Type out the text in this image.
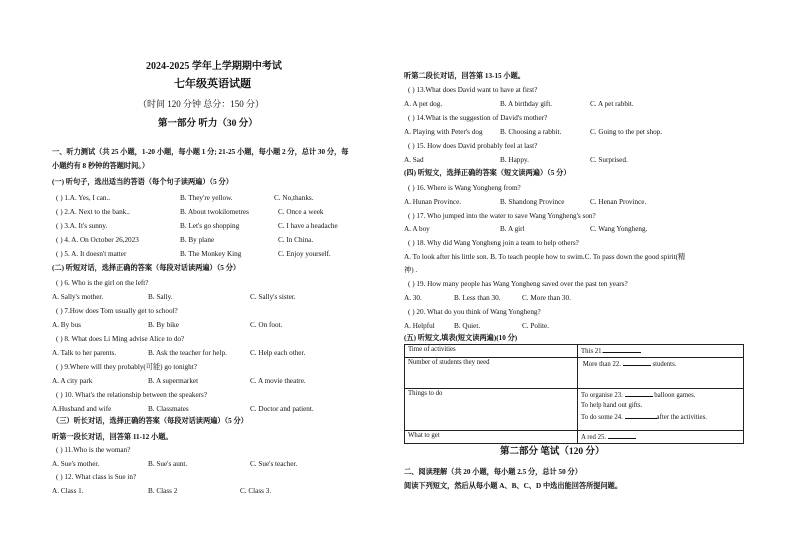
2024-2025 学年上学期期中考试
七年级英语试题
（时间 120 分钟 总分：150 分）
第一部分 听力（30 分）
一、听力测试（共 25 小题，1-20 小题，每小题 1 分; 21-25 小题，每小题 2 分，总计 30 分，每
小题约有 8 秒钟的答题时间。）
(一) 听句子，选出适当的答语（每个句子读两遍）（5 分）
( ) 1.A. Yes, I can..	B. They're yellow.	C. No,thanks.
( ) 2.A. Next to the bank..	B. About twokilometres	C. Once a week
( ) 3.A. It's sunny.	B. Let's go shopping	C. I have a headache
( ) 4. A. On October 26,2023	B. By plane	C. In China.
( ) 5. A. It doesn't matter	B. The Monkey King	C. Enjoy yourself.
(二) 听短对话，选择正确的答案（每段对话读两遍）（5 分）
( ) 6. Who is the girl on the left?
A. Sally's mother.	B. Sally.	C. Sally's sister.
( ) 7.How does Tom usually get to school?
A. By bus	B. By bike	C. On foot.
( ) 8. What does Li Ming advise Alice to do?
A. Talk to her parents.	B. Ask the teacher for help.	C. Help each other.
( ) 9.Where will they probably(可能) go tonight?
A. A city park	B. A supermarket	C. A movie theatre.
( ) 10. What's the relationship between the speakers?
A.Husband and wife	B. Classmates	C. Doctor and patient.
（三）听长对话，选择正确的答案（每段对话读两遍）（5 分）
听第一段长对话，回答第 11-12 小题。
( ) 11.Who is the woman?
A. Sue's mother.	B. Sue's aunt.	C. Sue's teacher.
( ) 12. What class is Sue in?
A. Class 1.	B. Class 2	C. Class 3.
听第二段长对话，回答第 13-15 小题。
( ) 13.What does David want to have at first?
A. A pet dog.	B. A birthday gift.	C. A pet rabbit.
( ) 14.What is the suggestion of David's mother?
A. Playing with Peter's dog B. Choosing a rabbit.	C. Going to the pet shop.
( ) 15. How does David probably feel at last?
A. Sad	B. Happy.	C. Surprised.
(四) 听短文，选择正确的答案（短文读两遍）（5 分）
( ) 16. Where is Wang Yongheng from?
A. Hunan Province.	B. Shandong Province	C. Henan Province.
( ) 17. Who jumped into the water to save Wang Yongheng's son?
A. A boy	B. A girl	C. Wang Yongheng.
( ) 18. Why did Wang Yongheng join a team to help others?
A. To look after his little son. B. To teach people how to swim.C. To pass down the good spirit(精
神) .
( ) 19. How many people has Wang Yongheng saved over the past ten years?
A. 30.	B. Less than 30.	C. More than 30.
( ) 20. What do you think of Wang Yongheng?
A. Helpful	B. Quiet.	C. Polite.
(五) 听短文,填表(短文读两遍)(10 分)
Time of activities	This 21.
Number of students they need	More than 22. students.
Things to do	To organise 23. balloon games.
To help hand out gifts.
To do some 24. after the activities.

What to get	A red 25.
第二部分 笔试（120 分）
二、阅读理解（共 20 小题，每小题 2.5 分，总计 50 分）
阅读下列短文，然后从每小题 A、B、C、D 中选出能回答所提问题。
